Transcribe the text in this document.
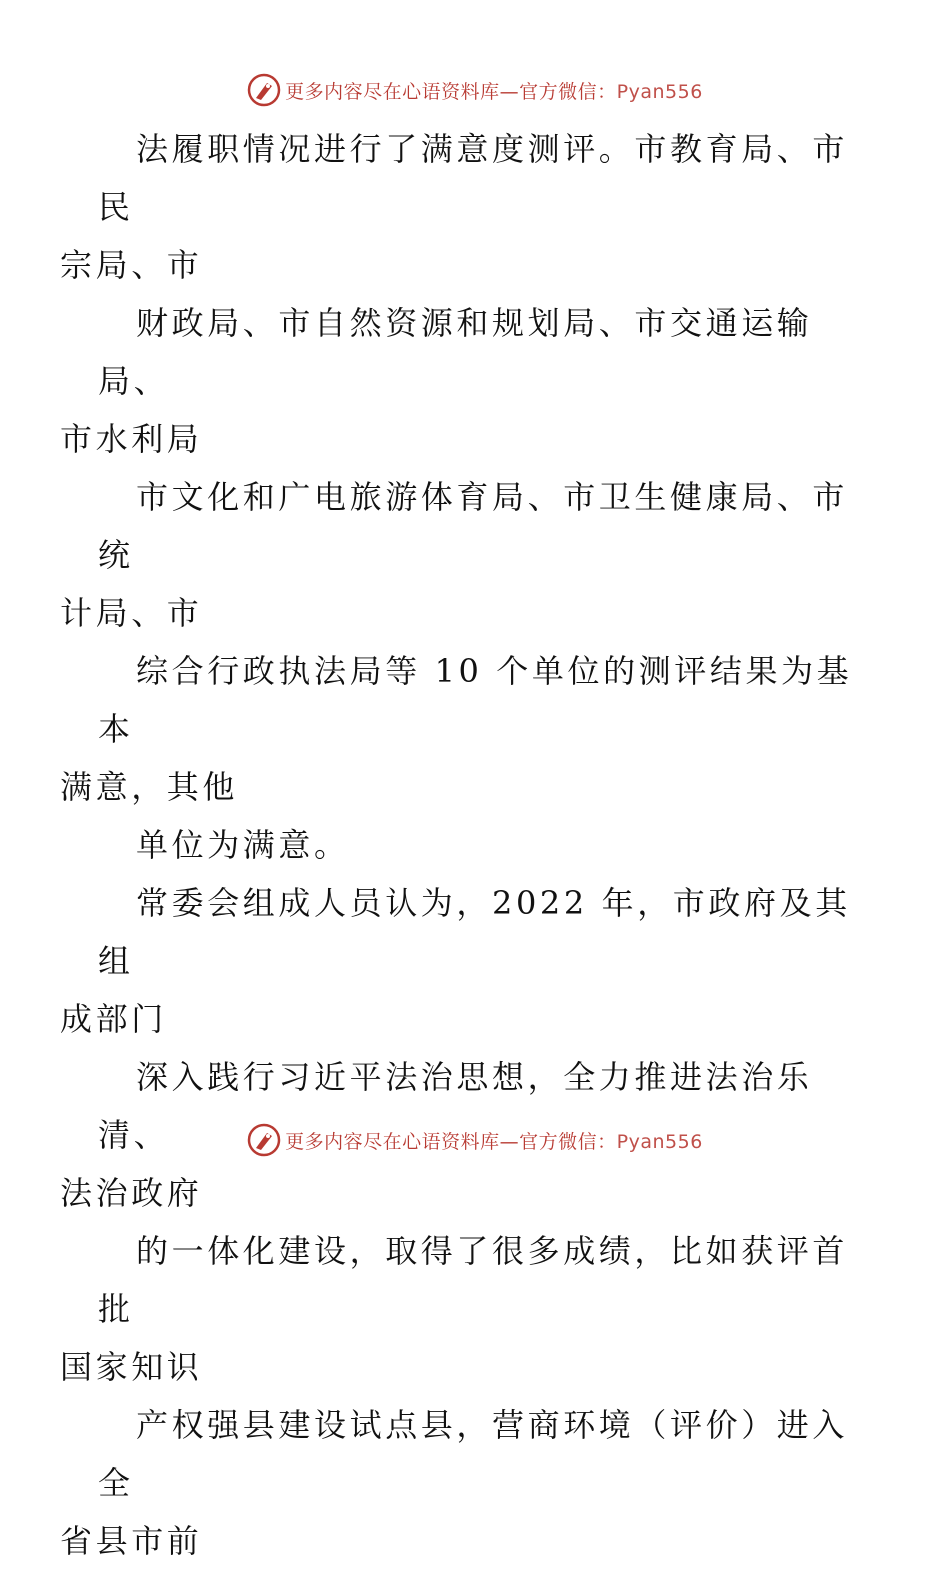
更多内容尽在心语资料库—官方微信：Pyan556

法履职情况进行了满意度测评。市教育局、市民
宗局、市

财政局、市自然资源和规划局、市交通运输局、
市水利局

市文化和广电旅游体育局、市卫生健康局、市统
计局、市

综合行政执法局等 10 个单位的测评结果为基本
满意，其他

单位为满意。

常委会组成人员认为，2022 年，市政府及其组
成部门

深入践行习近平法治思想，全力推进法治乐清、
法治政府

的一体化建设，取得了很多成绩，比如获评首批
国家知识

产权强县建设试点县，营商环境（评价）进入全
省县市前

更多内容尽在心语资料库—官方微信：Pyan556
